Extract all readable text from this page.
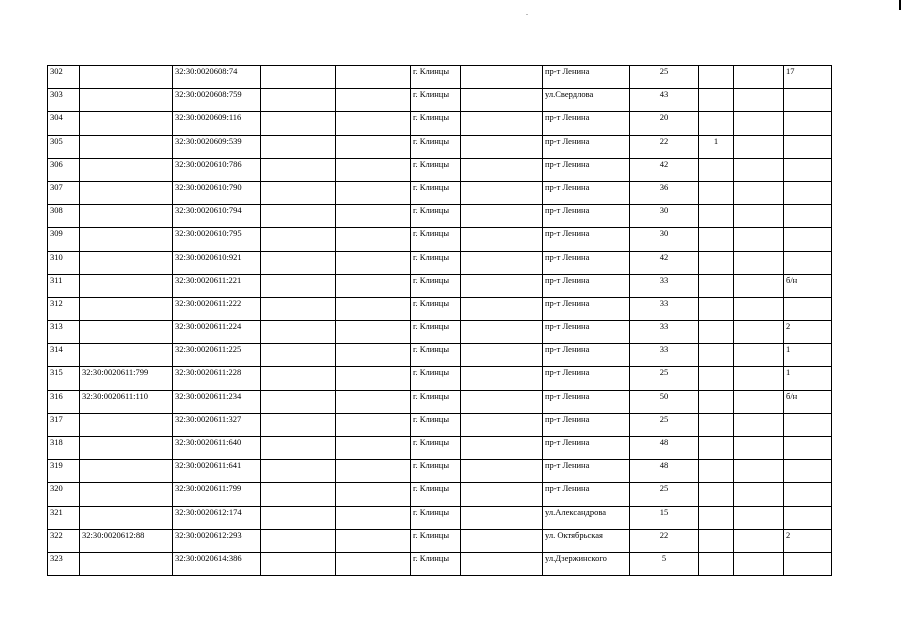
302		32:30:0020608:74			г. Клинцы		пр-т Ленина	25			17
303		32:30:0020608:759			г. Клинцы		ул.Свердлова	43			
304		32:30:0020609:116			г. Клинцы		пр-т Ленина	20			
305		32:30:0020609:539			г. Клинцы		пр-т Ленина	22	1		
306		32:30:0020610:786			г. Клинцы		пр-т Ленина	42			
307		32:30:0020610:790			г. Клинцы		пр-т Ленина	36			
308		32:30:0020610:794			г. Клинцы		пр-т Ленина	30			
309		32:30:0020610:795			г. Клинцы		пр-т Ленина	30			
310		32:30:0020610:921			г. Клинцы		пр-т Ленина	42			
311		32:30:0020611:221			г. Клинцы		пр-т Ленина	33			б/н
312		32:30:0020611:222			г. Клинцы		пр-т Ленина	33			
313		32:30:0020611:224			г. Клинцы		пр-т Ленина	33			2
314		32:30:0020611:225			г. Клинцы		пр-т Ленина	33			1
315	32:30:0020611:799	32:30:0020611:228			г. Клинцы		пр-т Ленина	25			1
316	32:30:0020611:110	32:30:0020611:234			г. Клинцы		пр-т Ленина	50			б/н
317		32:30:0020611:327			г. Клинцы		пр-т Ленина	25			
318		32:30:0020611:640			г. Клинцы		пр-т Ленина	48			
319		32:30:0020611:641			г. Клинцы		пр-т Ленина	48			
320		32:30:0020611:799			г. Клинцы		пр-т Ленина	25			
321		32:30:0020612:174			г. Клинцы		ул.Александрова	15			
322	32:30:0020612:88	32:30:0020612:293			г. Клинцы		ул. Октябрьская	22			2
323		32:30:0020614:386			г. Клинцы		ул.Дзержинского	5			
